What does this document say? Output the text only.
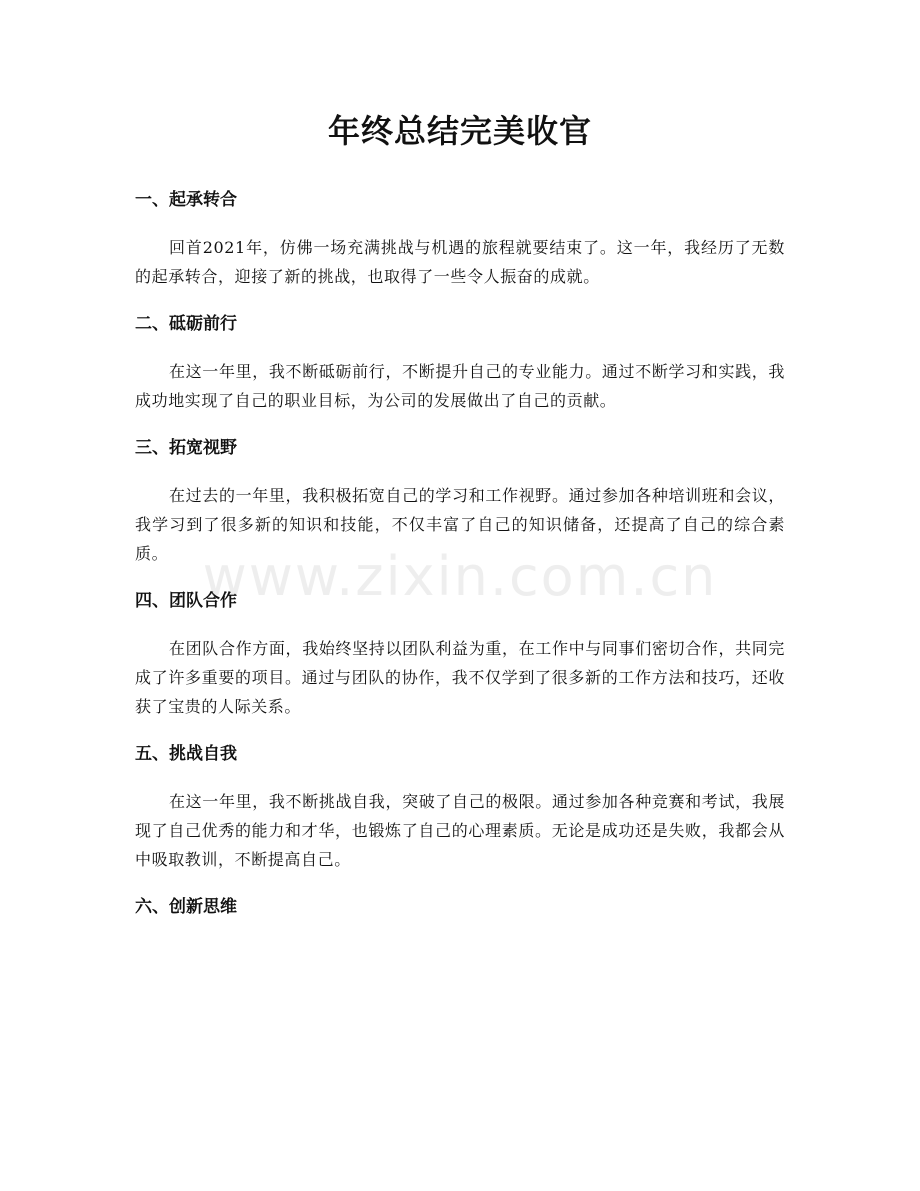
年终总结完美收官
一、起承转合

回首2021年，仿佛一场充满挑战与机遇的旅程就要结束了。这一年，我经历了无数的起承转合，迎接了新的挑战，也取得了一些令人振奋的成就。

二、砥砺前行

在这一年里，我不断砥砺前行，不断提升自己的专业能力。通过不断学习和实践，我成功地实现了自己的职业目标，为公司的发展做出了自己的贡献。

三、拓宽视野

在过去的一年里，我积极拓宽自己的学习和工作视野。通过参加各种培训班和会议，我学习到了很多新的知识和技能，不仅丰富了自己的知识储备，还提高了自己的综合素质。

四、团队合作

在团队合作方面，我始终坚持以团队利益为重，在工作中与同事们密切合作，共同完成了许多重要的项目。通过与团队的协作，我不仅学到了很多新的工作方法和技巧，还收获了宝贵的人际关系。

五、挑战自我

在这一年里，我不断挑战自我，突破了自己的极限。通过参加各种竞赛和考试，我展现了自己优秀的能力和才华，也锻炼了自己的心理素质。无论是成功还是失败，我都会从中吸取教训，不断提高自己。

六、创新思维
www.zixin.com.cn
